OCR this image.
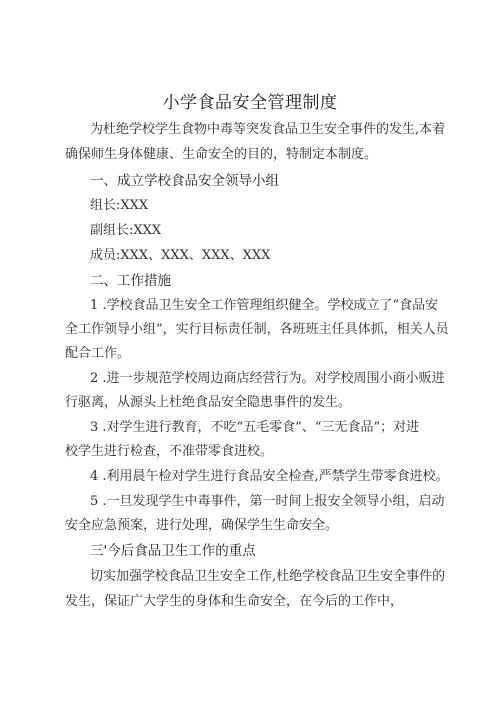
小学食品安全管理制度
为杜绝学校学生食物中毒等突发食品卫生安全事件的发生,本着
确保师生身体健康、生命安全的目的，特制定本制度。
一、成立学校食品安全领导小组
组长:XXX
副组长:XXX
成员:XXX、XXX、XXX、XXX
二、工作措施
1 .学校食品卫生安全工作管理组织健全。学校成立了“食品安
全工作领导小组”，实行目标责任制，各班班主任具体抓，相关人员
配合工作。
2 .进一步规范学校周边商店经营行为。对学校周围小商小贩进
行驱离，从源头上杜绝食品安全隐患事件的发生。
3 .对学生进行教育，不吃“五毛零食”、“三无食品”；对进
校学生进行检查，不准带零食进校。
4 .利用晨午检对学生进行食品安全检查,严禁学生带零食进校。
5 .一旦发现学生中毒事件，第一时间上报安全领导小组，启动
安全应急预案，进行处理，确保学生生命安全。
三'今后食品卫生工作的重点
切实加强学校食品卫生安全工作,杜绝学校食品卫生安全事件的
发生，保证广大学生的身体和生命安全，在今后的工作中，
